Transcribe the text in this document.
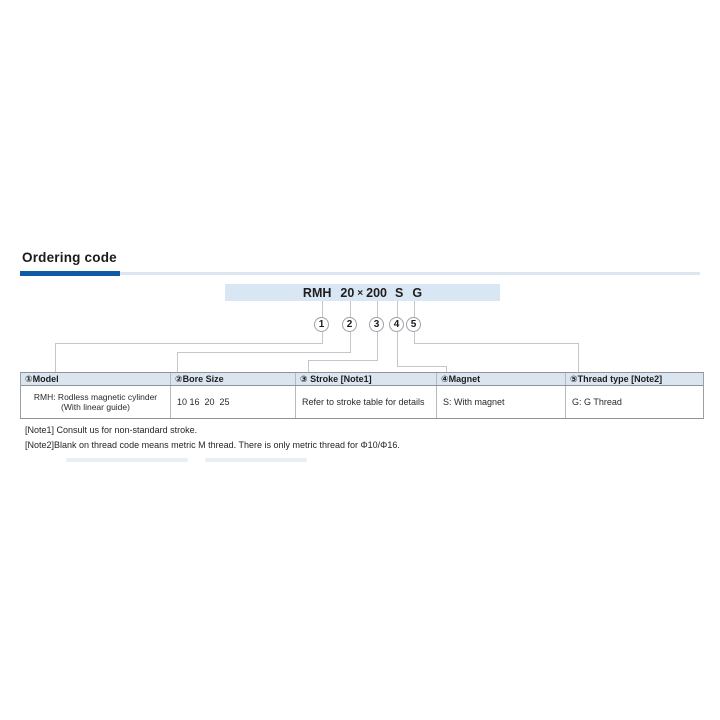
Ordering code
RMH 20 × 200 S G
1	2	3	4	5
①Model	②Bore Size	③ Stroke [Note1]	④Magnet	⑤Thread type [Note2]
RMH: Rodless magnetic cylinder
(With linear guide)	10 16  20  25	Refer to stroke table for details	S: With magnet	G: G Thread
[Note1] Consult us for non-standard stroke.
[Note2]Blank on thread code means metric M thread. There is only metric thread for Φ10/Φ16.
